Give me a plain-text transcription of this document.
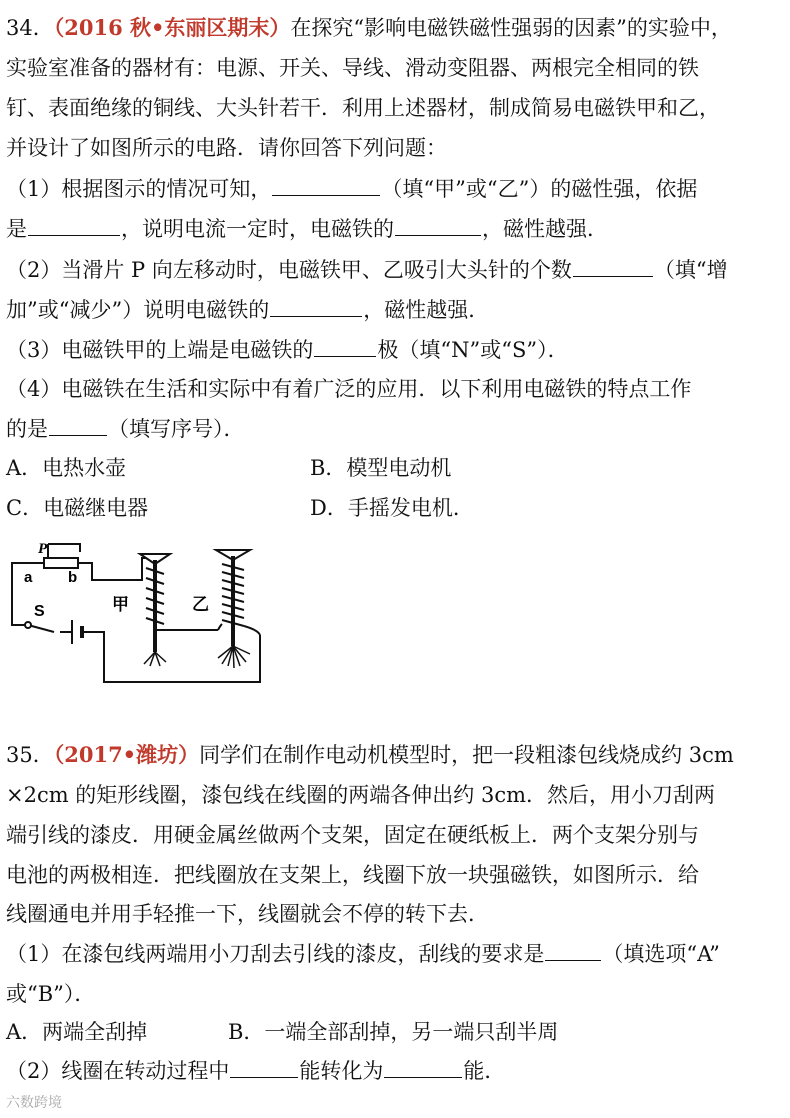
34．（2016 秋•东丽区期末）在探究“影响电磁铁磁性强弱的因素”的实验中，
实验室准备的器材有：电源、开关、导线、滑动变阻器、两根完全相同的铁
钉、表面绝缘的铜线、大头针若干．利用上述器材，制成简易电磁铁甲和乙，
并设计了如图所示的电路．请你回答下列问题：
（1）根据图示的情况可知，	（填“甲”或“乙”）的磁性强，依据
是	，说明电流一定时，电磁铁的	，磁性越强．
（2）当滑片 P 向左移动时，电磁铁甲、乙吸引大头针的个数	（填“增
加”或“减少”）说明电磁铁的	，磁性越强．
（3）电磁铁甲的上端是电磁铁的	极（填“N”或“S”）．
（4）电磁铁在生活和实际中有着广泛的应用．以下利用电磁铁的特点工作
的是	（填写序号）．
A．电热水壶	B．模型电动机
C．电磁继电器	D．手摇发电机．
P
a b
S	甲	乙
35．（2017•潍坊）同学们在制作电动机模型时，把一段粗漆包线烧成约 3cm
×2cm 的矩形线圈，漆包线在线圈的两端各伸出约 3cm．然后，用小刀刮两
端引线的漆皮．用硬金属丝做两个支架，固定在硬纸板上．两个支架分别与
电池的两极相连．把线圈放在支架上，线圈下放一块强磁铁，如图所示．给
线圈通电并用手轻推一下，线圈就会不停的转下去．
（1）在漆包线两端用小刀刮去引线的漆皮，刮线的要求是	（填选项“A”
或“B”）．
A．两端全刮掉	B．一端全部刮掉，另一端只刮半周
（2）线圈在转动过程中	能转化为	能．
六数跨境
